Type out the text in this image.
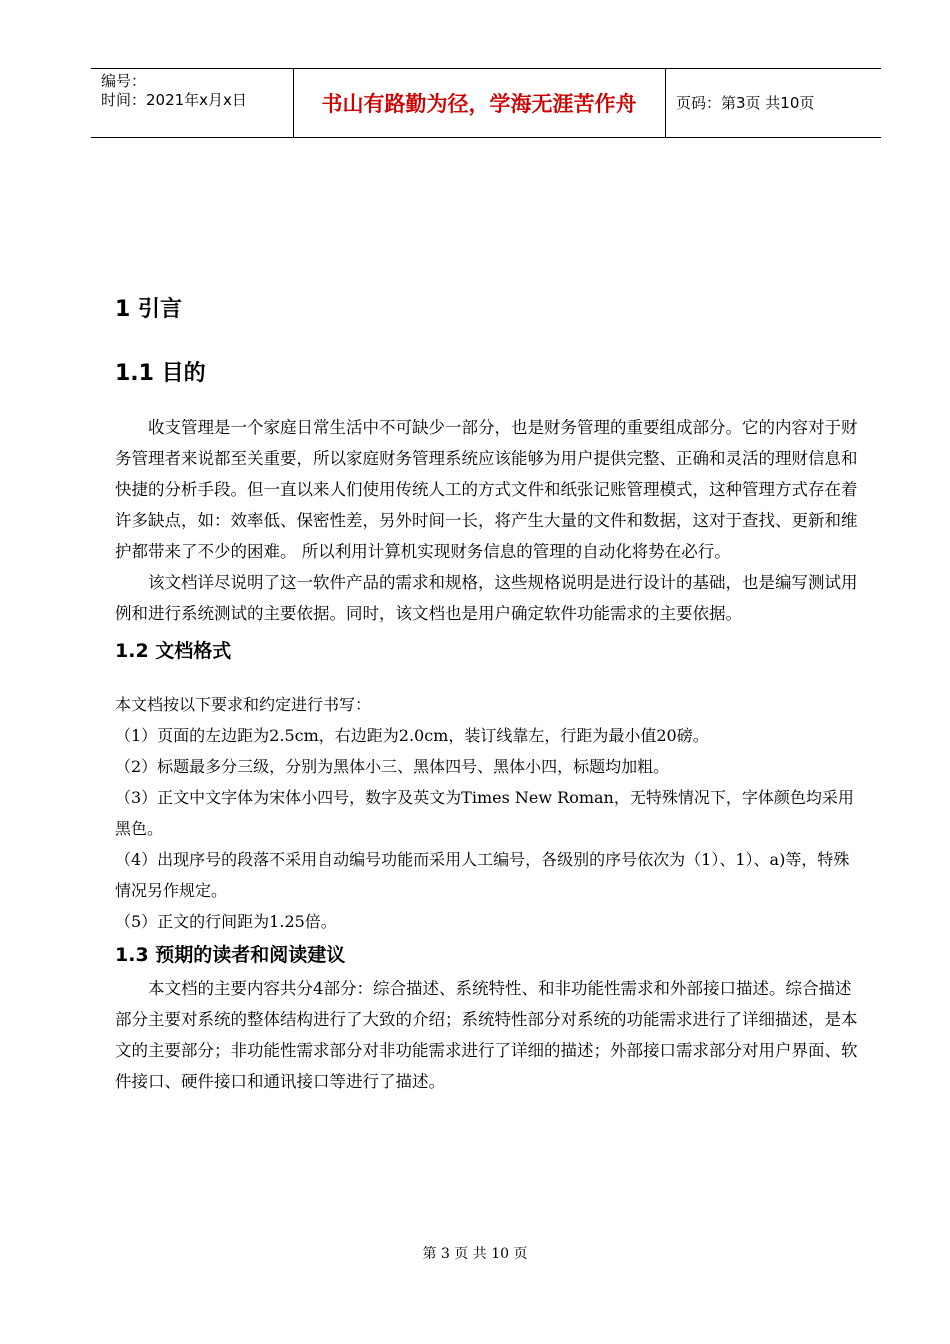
编号：
时间：2021年x月x日	书山有路勤为径，学海无涯苦作舟	页码：第3页 共10页
1 引言
1.1 目的

收支管理是一个家庭日常生活中不可缺少一部分，也是财务管理的重要组成部分。它的内容对于财务管理者来说都至关重要，所以家庭财务管理系统应该能够为用户提供完整、正确和灵活的理财信息和快捷的分析手段。但一直以来人们使用传统人工的方式文件和纸张记账管理模式，这种管理方式存在着许多缺点，如：效率低、保密性差，另外时间一长，将产生大量的文件和数据，这对于查找、更新和维护都带来了不少的困难。 所以利用计算机实现财务信息的管理的自动化将势在必行。

该文档详尽说明了这一软件产品的需求和规格，这些规格说明是进行设计的基础，也是编写测试用例和进行系统测试的主要依据。同时，该文档也是用户确定软件功能需求的主要依据。

1.2 文档格式

本文档按以下要求和约定进行书写：

（1）页面的左边距为2.5cm，右边距为2.0cm，装订线靠左，行距为最小值20磅。

（2）标题最多分三级，分别为黑体小三、黑体四号、黑体小四，标题均加粗。

（3）正文中文字体为宋体小四号，数字及英文为Times New Roman，无特殊情况下，字体颜色均采用黑色。

（4）出现序号的段落不采用自动编号功能而采用人工编号，各级别的序号依次为（1）、1）、a)等，特殊情况另作规定。

（5）正文的行间距为1.25倍。

1.3 预期的读者和阅读建议

本文档的主要内容共分4部分：综合描述、系统特性、和非功能性需求和外部接口描述。综合描述部分主要对系统的整体结构进行了大致的介绍；系统特性部分对系统的功能需求进行了详细描述，是本文的主要部分；非功能性需求部分对非功能需求进行了详细的描述；外部接口需求部分对用户界面、软件接口、硬件接口和通讯接口等进行了描述。

第 3 页 共 10 页
